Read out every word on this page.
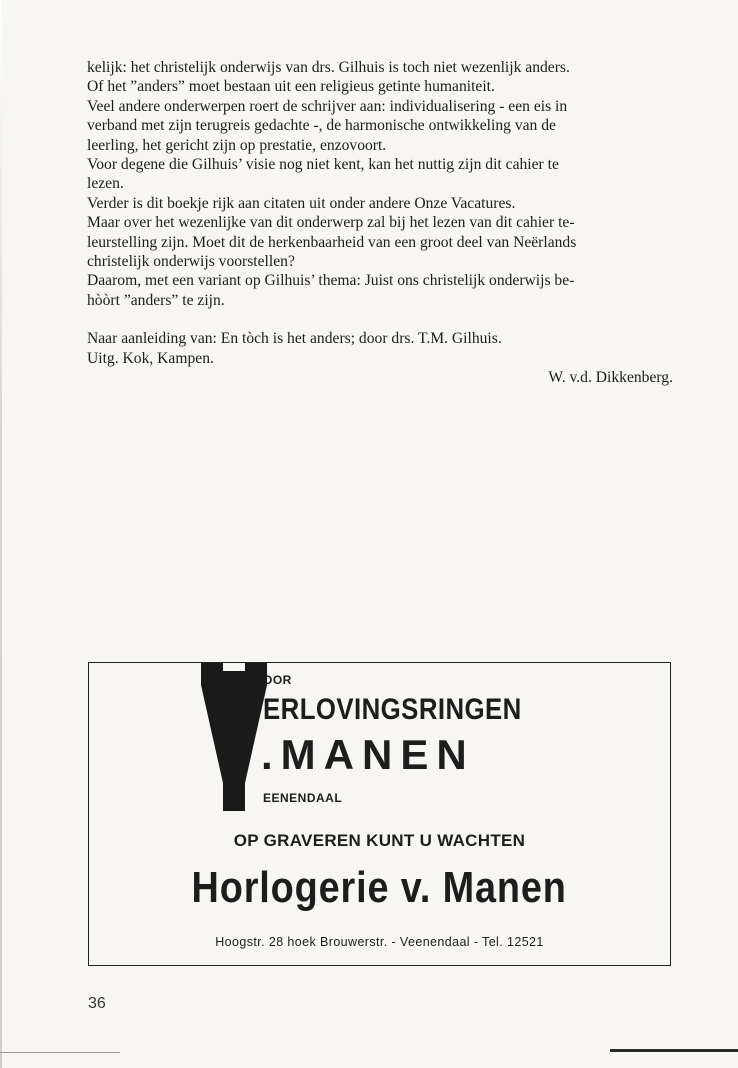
kelijk: het christelijk onderwijs van drs. Gilhuis is toch niet wezenlijk anders.
Of het ”anders” moet bestaan uit een religieus getinte humaniteit.
Veel andere onderwerpen roert de schrijver aan: individualisering - een eis in
verband met zijn terugreis gedachte -, de harmonische ontwikkeling van de
leerling, het gericht zijn op prestatie, enzovoort.
Voor degene die Gilhuis’ visie nog niet kent, kan het nuttig zijn dit cahier te
lezen.
Verder is dit boekje rijk aan citaten uit onder andere Onze Vacatures.
Maar over het wezenlijke van dit onderwerp zal bij het lezen van dit cahier te-
leurstelling zijn. Moet dit de herkenbaarheid van een groot deel van Neërlands
christelijk onderwijs voorstellen?
Daarom, met een variant op Gilhuis’ thema: Juist ons christelijk onderwijs be-
hòòrt ”anders” te zijn.
Naar aanleiding van: En tòch is het anders; door drs. T.M. Gilhuis.
Uitg. Kok, Kampen.
W. v.d. Dikkenberg.
OOR
ERLOVINGSRINGEN
.MANEN
EENENDAAL
OP GRAVEREN KUNT U WACHTEN
Horlogerie v. Manen
Hoogstr. 28 hoek Brouwerstr. - Veenendaal - Tel. 12521
36
